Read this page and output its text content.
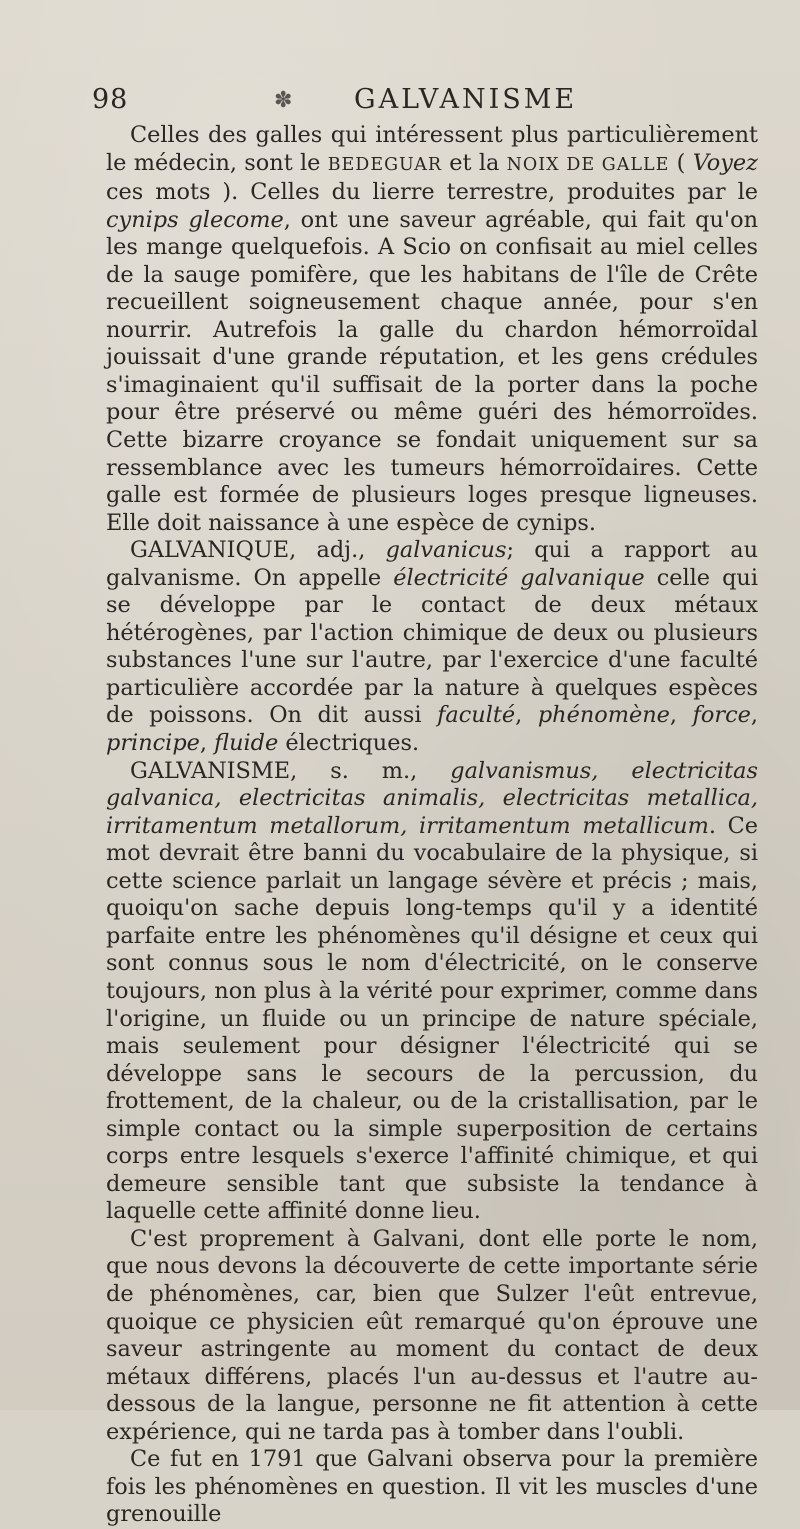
98	✽ GALVANISME

Celles des galles qui intéressent plus particulièrement le médecin, sont le BEDEGUAR et la NOIX DE GALLE ( Voyez ces mots ). Celles du lierre terrestre, produites par le cynips glecome, ont une saveur agréable, qui fait qu'on les mange quelquefois. A Scio on confisait au miel celles de la sauge pomifère, que les habitans de l'île de Crête recueillent soigneusement chaque année, pour s'en nourrir. Autrefois la galle du chardon hémorroïdal jouissait d'une grande réputation, et les gens crédules s'imaginaient qu'il suffisait de la porter dans la poche pour être préservé ou même guéri des hémorroïdes. Cette bizarre croyance se fondait uniquement sur sa ressemblance avec les tumeurs hémorroïdaires. Cette galle est formée de plusieurs loges presque ligneuses. Elle doit naissance à une espèce de cynips.

GALVANIQUE, adj., galvanicus; qui a rapport au galvanisme. On appelle électricité galvanique celle qui se développe par le contact de deux métaux hétérogènes, par l'action chimique de deux ou plusieurs substances l'une sur l'autre, par l'exercice d'une faculté particulière accordée par la nature à quelques espèces de poissons. On dit aussi faculté, phénomène, force, principe, fluide électriques.

GALVANISME, s. m., galvanismus, electricitas galvanica, electricitas animalis, electricitas metallica, irritamentum metallorum, irritamentum metallicum. Ce mot devrait être banni du vocabulaire de la physique, si cette science parlait un langage sévère et précis ; mais, quoiqu'on sache depuis long-temps qu'il y a identité parfaite entre les phénomènes qu'il désigne et ceux qui sont connus sous le nom d'électricité, on le conserve toujours, non plus à la vérité pour exprimer, comme dans l'origine, un fluide ou un principe de nature spéciale, mais seulement pour désigner l'électricité qui se développe sans le secours de la percussion, du frottement, de la chaleur, ou de la cristallisation, par le simple contact ou la simple superposition de certains corps entre lesquels s'exerce l'affinité chimique, et qui demeure sensible tant que subsiste la tendance à laquelle cette affinité donne lieu.

C'est proprement à Galvani, dont elle porte le nom, que nous devons la découverte de cette importante série de phénomènes, car, bien que Sulzer l'eût entrevue, quoique ce physicien eût remarqué qu'on éprouve une saveur astringente au moment du contact de deux métaux différens, placés l'un au-dessus et l'autre au-dessous de la langue, personne ne fit attention à cette expérience, qui ne tarda pas à tomber dans l'oubli.

Ce fut en 1791 que Galvani observa pour la première fois les phénomènes en question. Il vit les muscles d'une grenouille
